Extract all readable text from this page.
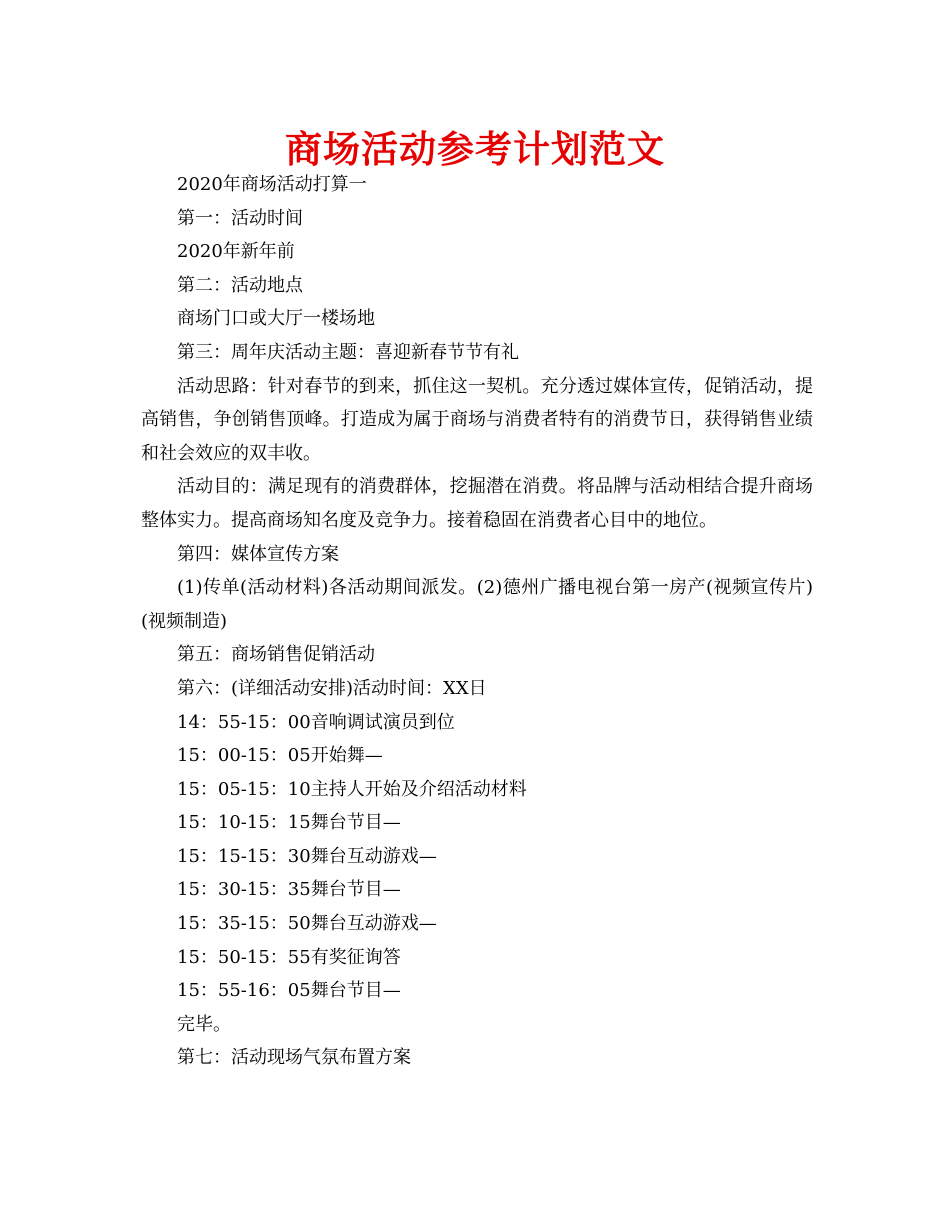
商场活动参考计划范文

2020年商场活动打算一

第一：活动时间

2020年新年前

第二：活动地点

商场门口或大厅一楼场地

第三：周年庆活动主题：喜迎新春节节有礼

活动思路：针对春节的到来，抓住这一契机。充分透过媒体宣传，促销活动，提高销售，争创销售顶峰。打造成为属于商场与消费者特有的消费节日，获得销售业绩和社会效应的双丰收。

活动目的：满足现有的消费群体，挖掘潜在消费。将品牌与活动相结合提升商场整体实力。提高商场知名度及竞争力。接着稳固在消费者心目中的地位。

第四：媒体宣传方案

(1)传单(活动材料)各活动期间派发。(2)德州广播电视台第一房产(视频宣传片)(视频制造)

第五：商场销售促销活动

第六：(详细活动安排)活动时间：XX日

14：55-15：00音响调试演员到位

15：00-15：05开始舞—

15：05-15：10主持人开始及介绍活动材料

15：10-15：15舞台节目—

15：15-15：30舞台互动游戏—

15：30-15：35舞台节目—

15：35-15：50舞台互动游戏—

15：50-15：55有奖征询答

15：55-16：05舞台节目—

完毕。

第七：活动现场气氛布置方案
